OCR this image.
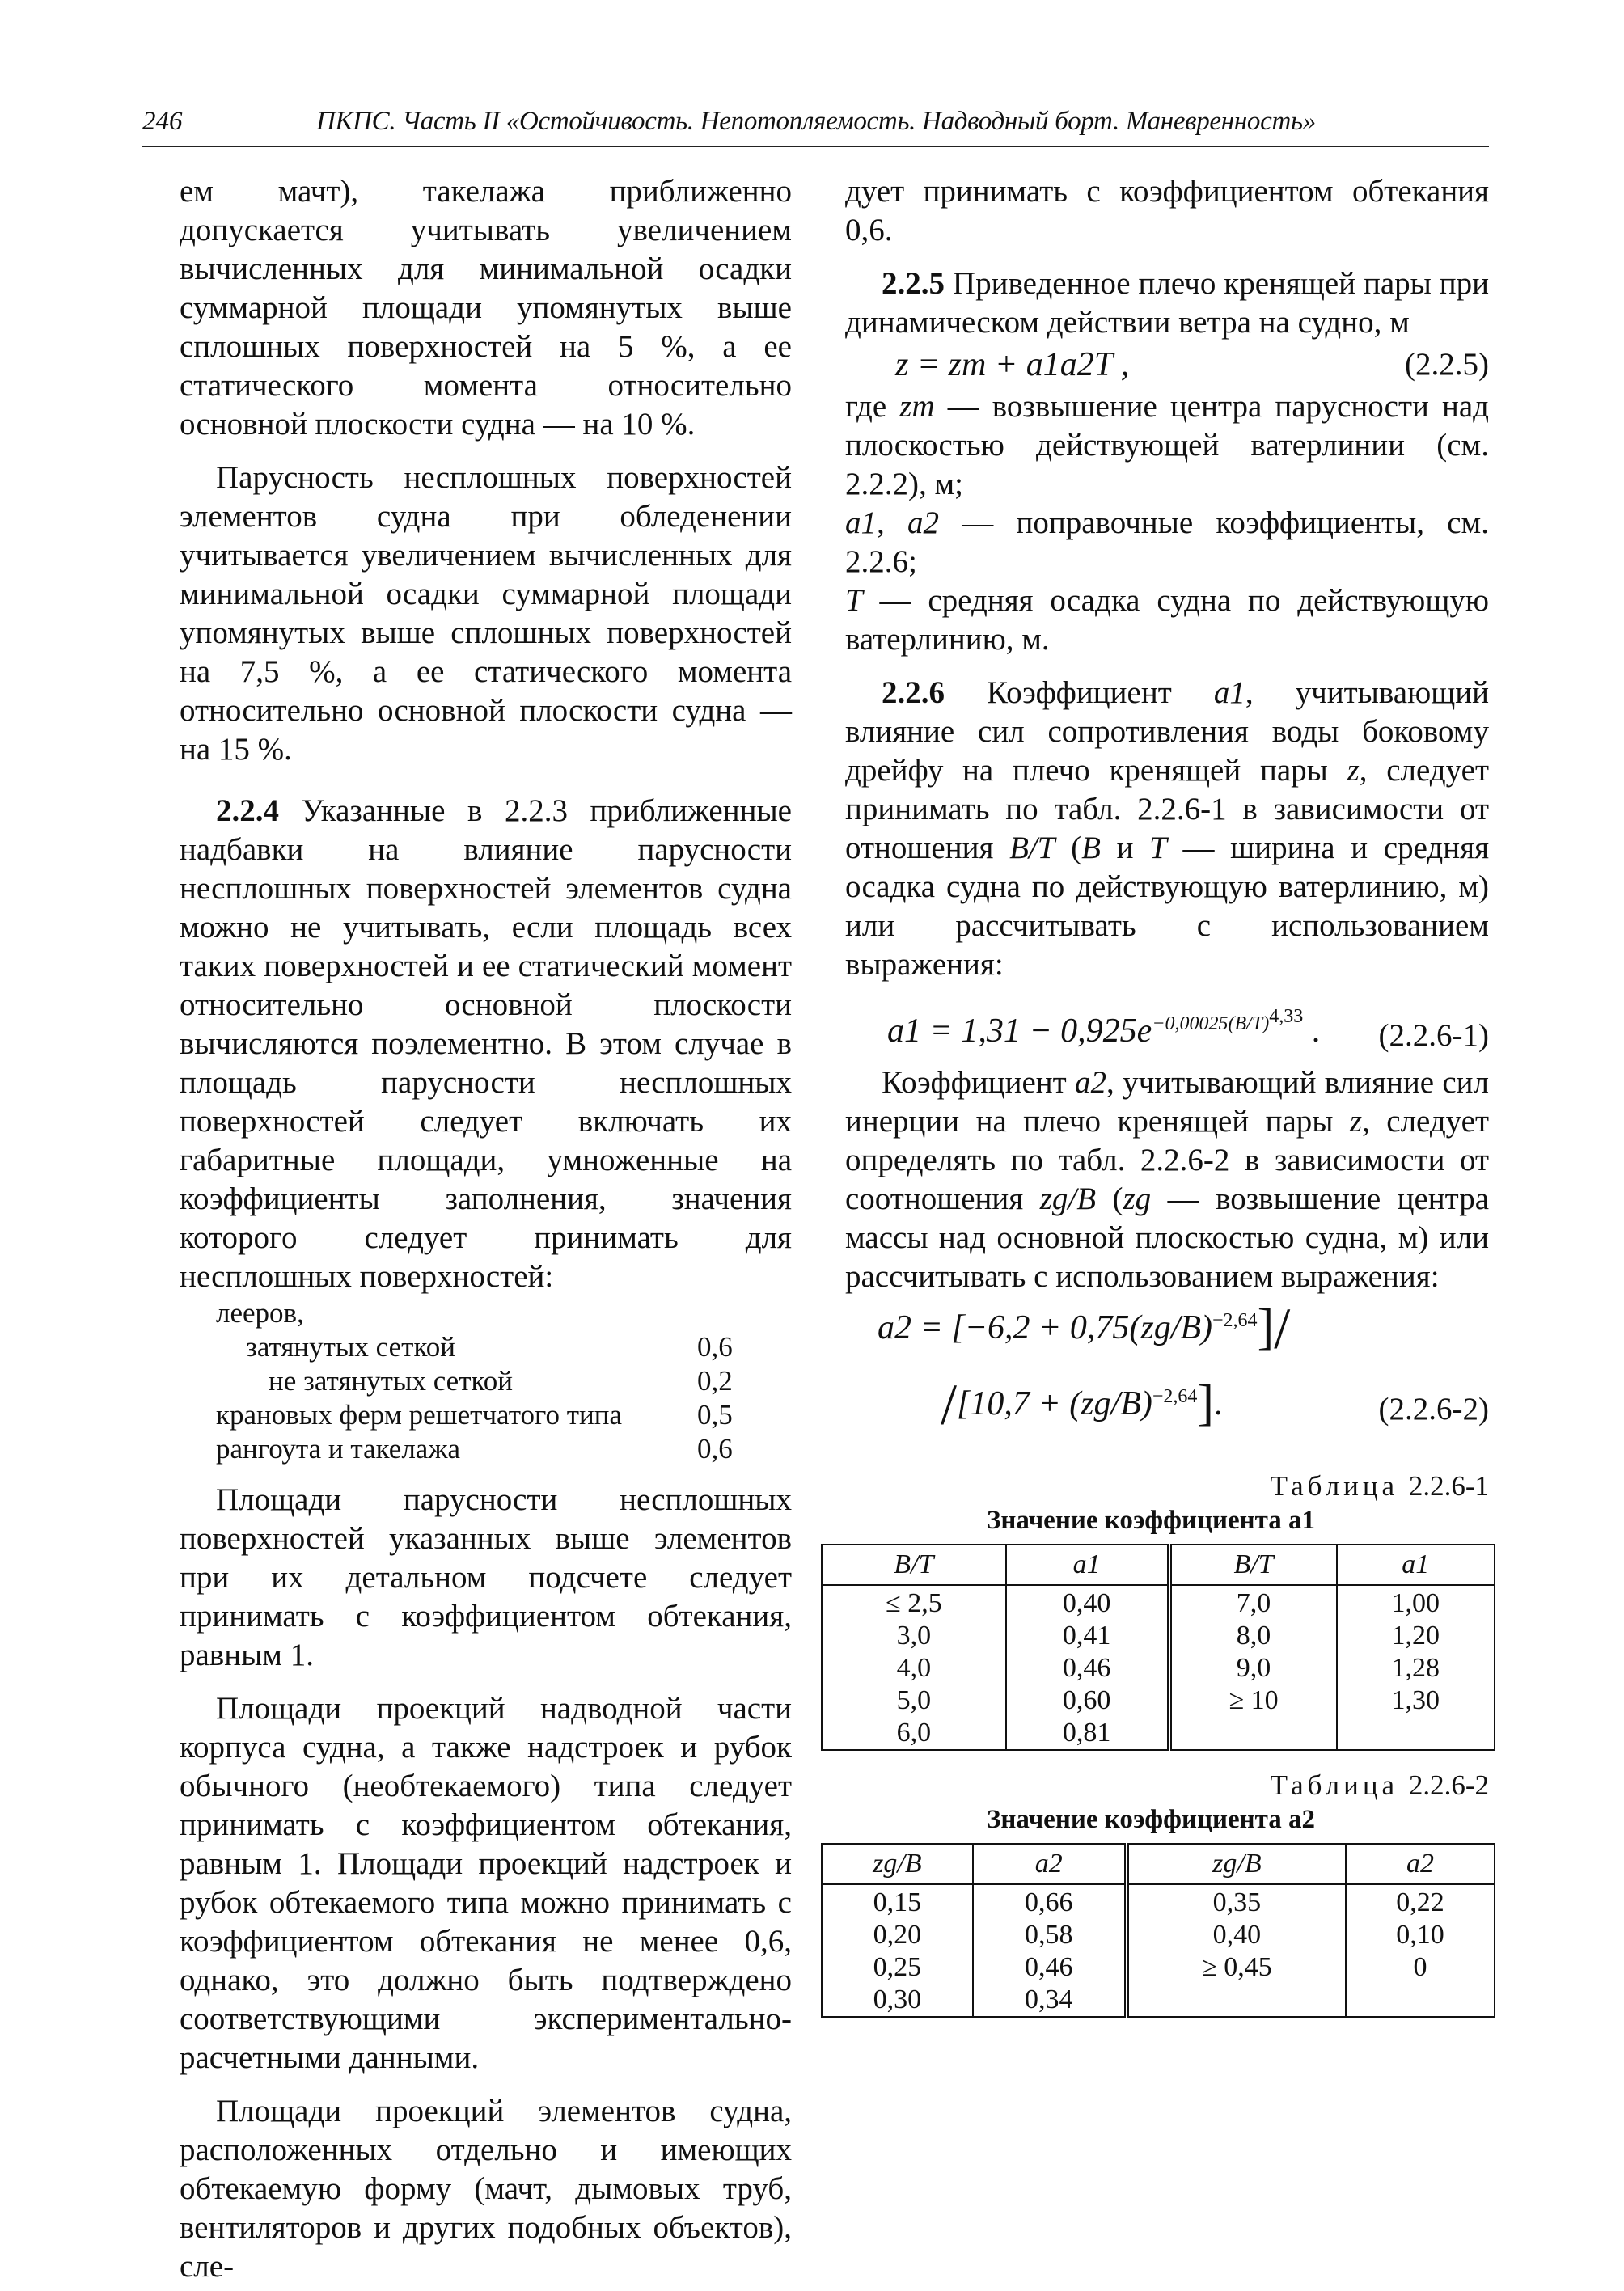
246	ПКПС. Часть II «Остойчивость. Непотопляемость. Надводный борт. Маневренность»

ем мачт), такелажа приближенно допускается учитывать увеличением вычисленных для минимальной осадки суммарной площади упомянутых выше сплошных поверхностей на 5 %, а ее статического момента относительно основной плоскости судна — на 10 %.

Парусность несплошных поверхностей элементов судна при обледенении учитывается увеличением вычисленных для минимальной осадки суммарной площади упомянутых выше сплошных поверхностей на 7,5 %, а ее статического момента относительно основной плоскости судна — на 15 %.

2.2.4 Указанные в 2.2.3 приближенные надбавки на влияние парусности несплошных поверхностей элементов судна можно не учитывать, если площадь всех таких поверхностей и ее статический момент относительно основной плоскости вычисляются поэлементно. В этом случае в площадь парусности несплошных поверхностей следует включать их габаритные площади, умноженные на коэффициенты заполнения, значения которого следует принимать для несплошных поверхностей:

лееров,
затянутых сеткой	0,6
не затянутых сеткой	0,2
крановых ферм решетчатого типа	0,5
рангоута и такелажа	0,6

Площади парусности несплошных поверхностей указанных выше элементов при их детальном подсчете следует принимать с коэффициентом обтекания, равным 1.

Площади проекций надводной части корпуса судна, а также надстроек и рубок обычного (необтекаемого) типа следует принимать с коэффициентом обтекания, равным 1. Площади проекций надстроек и рубок обтекаемого типа можно принимать с коэффициентом обтекания не менее 0,6, однако, это должно быть подтверждено соответствующими экспериментально-расчетными данными.

Площади проекций элементов судна, расположенных отдельно и имеющих обтекаемую форму (мачт, дымовых труб, вентиляторов и других подобных объектов), сле-

дует принимать с коэффициентом обтекания 0,6.

2.2.5 Приведенное плечо кренящей пары при динамическом действии ветра на судно, м

z = zт + a1a2T ,	(2.2.5)

где zт — возвышение центра парусности над плоскостью действующей ватерлинии (см. 2.2.2), м;

a1, a2 — поправочные коэффициенты, см. 2.2.6;

T — средняя осадка судна по действующую ватерлинию, м.

2.2.6 Коэффициент a1, учитывающий влияние сил сопротивления воды боковому дрейфу на плечо кренящей пары z, следует принимать по табл. 2.2.6-1 в зависимости от отношения B/T (B и T — ширина и средняя осадка судна по действующую ватерлинию, м) или рассчитывать с использованием выражения:

$a1 = 1,31 - 0,925e^{-0,00025(B/T)^{4,33}}$ . (2.2.6-1)

Коэффициент a2, учитывающий влияние сил инерции на плечо кренящей пары z, следует определять по табл. 2.2.6-2 в зависимости от соотношения zg/B (zg — возвышение центра массы над основной плоскостью судна, м) или рассчитывать с использованием выражения:

$a2 = [-6,2 + 0,75(zg/B)^{-2,64}]/$
$/[10,7 + (zg/B)^{-2,64}]$.	(2.2.6-2)
Таблица 2.2.6-1
Значение коэффициента a1
B/T	a1	B/T	a1
≤ 2,5	0,40	7,0	1,00
3,0	0,41	8,0	1,20
4,0	0,46	9,0	1,28
5,0	0,60	≥ 10	1,30
6,0	0,81		
Таблица 2.2.6-2
Значение коэффициента a2
zg/B	a2	zg/B	a2
0,15	0,66	0,35	0,22
0,20	0,58	0,40	0,10
0,25	0,46	≥ 0,45	0
0,30	0,34		
